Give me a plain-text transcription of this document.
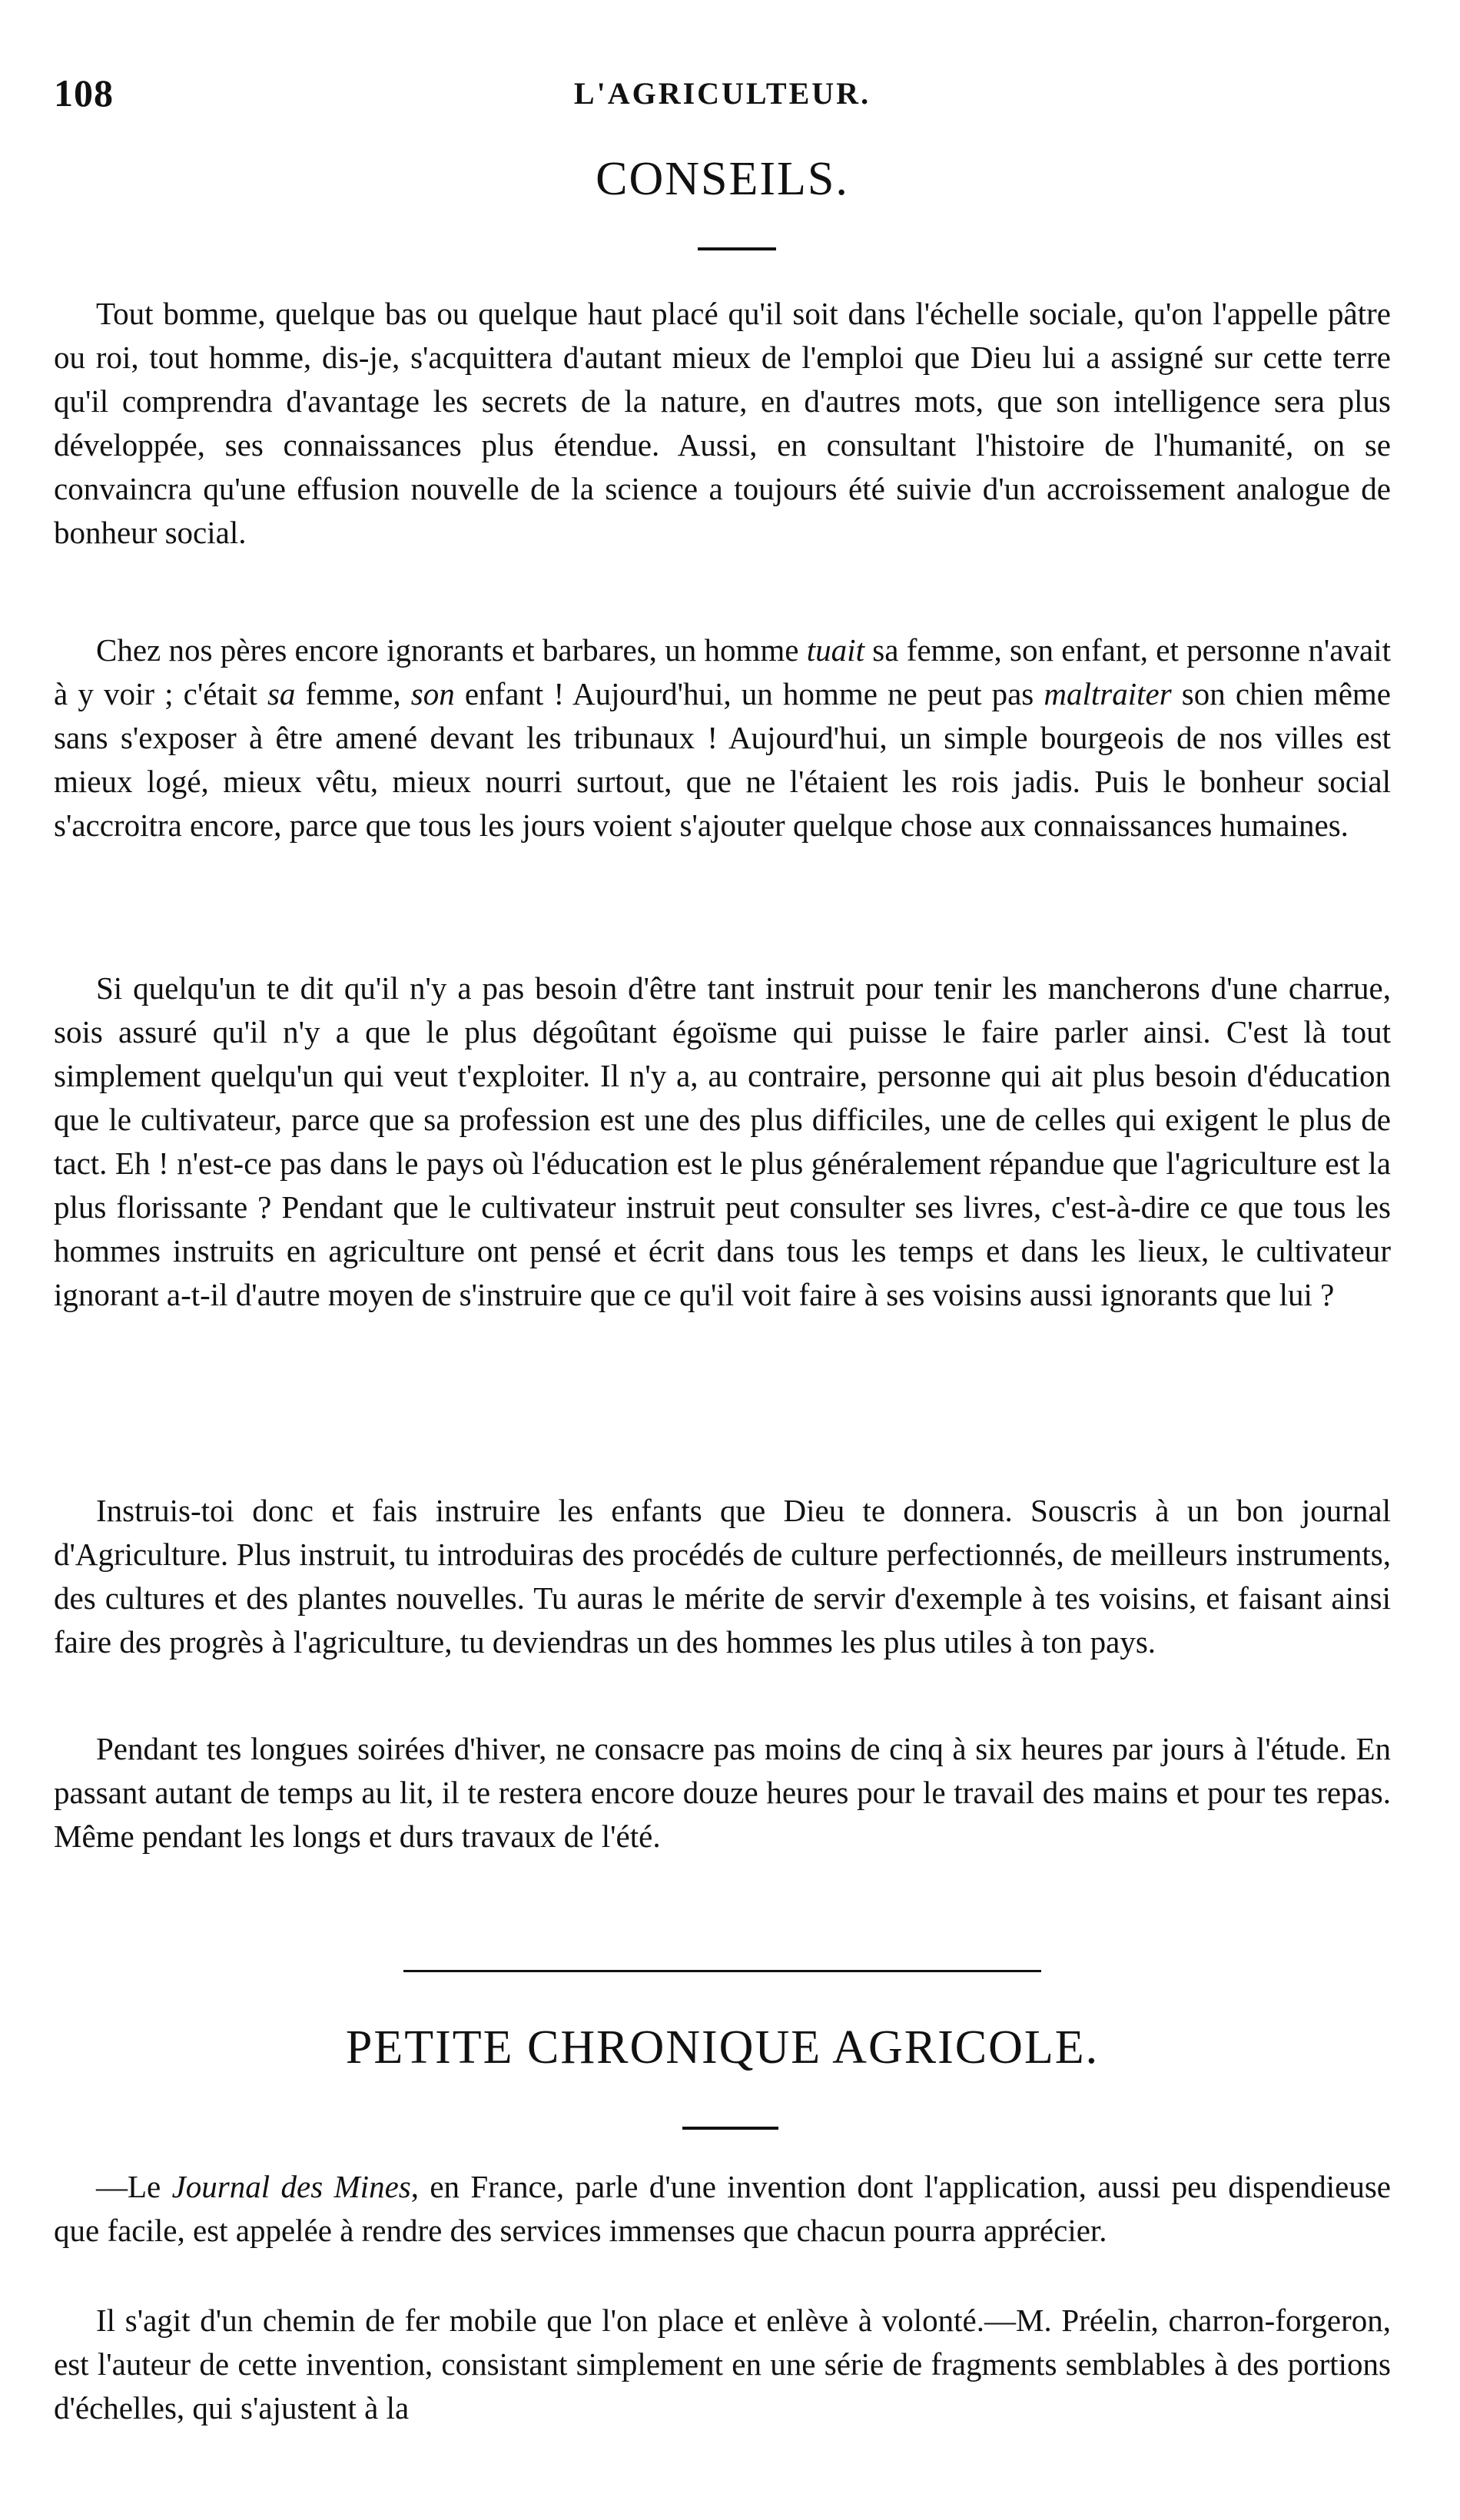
108	L'AGRICULTEUR.
CONSEILS.

Tout bomme, quelque bas ou quelque haut placé qu'il soit dans l'échelle sociale, qu'on l'appelle pâtre ou roi, tout homme, dis-je, s'acquittera d'autant mieux de l'emploi que Dieu lui a assigné sur cette terre qu'il comprendra d'avantage les secrets de la nature, en d'autres mots, que son intelligence sera plus développée, ses connaissances plus étendue. Aussi, en consultant l'histoire de l'humanité, on se convaincra qu'une effusion nouvelle de la science a toujours été suivie d'un accroissement analogue de bonheur social.

Chez nos pères encore ignorants et barbares, un homme tuait sa femme, son enfant, et personne n'avait à y voir ; c'était sa femme, son enfant ! Aujourd'hui, un homme ne peut pas maltraiter son chien même sans s'exposer à être amené devant les tribunaux ! Aujourd'hui, un simple bourgeois de nos villes est mieux logé, mieux vêtu, mieux nourri surtout, que ne l'étaient les rois jadis. Puis le bonheur social s'accroitra encore, parce que tous les jours voient s'ajouter quelque chose aux connaissances humaines.

Si quelqu'un te dit qu'il n'y a pas besoin d'être tant instruit pour tenir les mancherons d'une charrue, sois assuré qu'il n'y a que le plus dégoûtant égoïsme qui puisse le faire parler ainsi. C'est là tout simplement quelqu'un qui veut t'exploiter. Il n'y a, au contraire, personne qui ait plus besoin d'éducation que le cultivateur, parce que sa profession est une des plus difficiles, une de celles qui exigent le plus de tact. Eh ! n'est-ce pas dans le pays où l'éducation est le plus généralement répandue que l'agriculture est la plus florissante ? Pendant que le cultivateur instruit peut consulter ses livres, c'est-à-dire ce que tous les hommes instruits en agriculture ont pensé et écrit dans tous les temps et dans les lieux, le cultivateur ignorant a-t-il d'autre moyen de s'instruire que ce qu'il voit faire à ses voisins aussi ignorants que lui ?

Instruis-toi donc et fais instruire les enfants que Dieu te donnera. Souscris à un bon journal d'Agriculture. Plus instruit, tu introduiras des procédés de culture perfectionnés, de meilleurs instruments, des cultures et des plantes nouvelles. Tu auras le mérite de servir d'exemple à tes voisins, et faisant ainsi faire des progrès à l'agriculture, tu deviendras un des hommes les plus utiles à ton pays.

Pendant tes longues soirées d'hiver, ne consacre pas moins de cinq à six heures par jours à l'étude. En passant autant de temps au lit, il te restera encore douze heures pour le travail des mains et pour tes repas. Même pendant les longs et durs travaux de l'été.

PETITE CHRONIQUE AGRICOLE.

—Le Journal des Mines, en France, parle d'une invention dont l'application, aussi peu dispendieuse que facile, est appelée à rendre des services immenses que chacun pourra apprécier.

Il s'agit d'un chemin de fer mobile que l'on place et enlève à volonté.—M. Préelin, charron-forgeron, est l'auteur de cette invention, consistant simplement en une série de fragments semblables à des portions d'échelles, qui s'ajustent à la
